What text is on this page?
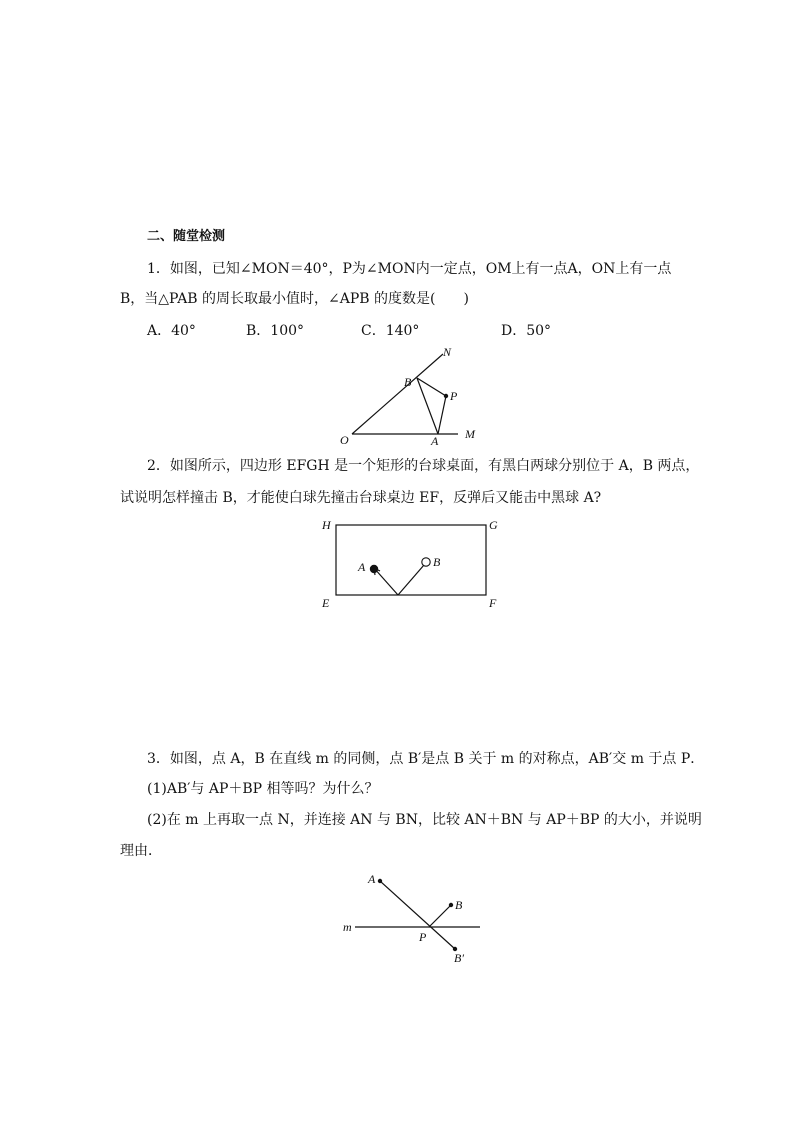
二、随堂检测
1．如图，已知∠MON＝40°，P为∠MON内一定点，OM上有一点A，ON上有一点
B，当△PAB 的周长取最小值时，∠APB 的度数是(　　)
A．40°	B．100°	C．140°	D．50°
N
B
P
O	A M
2．如图所示，四边形 EFGH 是一个矩形的台球桌面，有黑白两球分别位于 A，B 两点，
试说明怎样撞击 B，才能使白球先撞击台球桌边 EF，反弹后又能击中黑球 A?
H	G
E	F
A	B
3．如图，点 A，B 在直线 m 的同侧，点 B′是点 B 关于 m 的对称点，AB′交 m 于点 P．
(1)AB′与 AP＋BP 相等吗？为什么？
(2)在 m 上再取一点 N，并连接 AN 与 BN，比较 AN＋BN 与 AP＋BP 的大小，并说明
理由．
A
B
m
P
B′
